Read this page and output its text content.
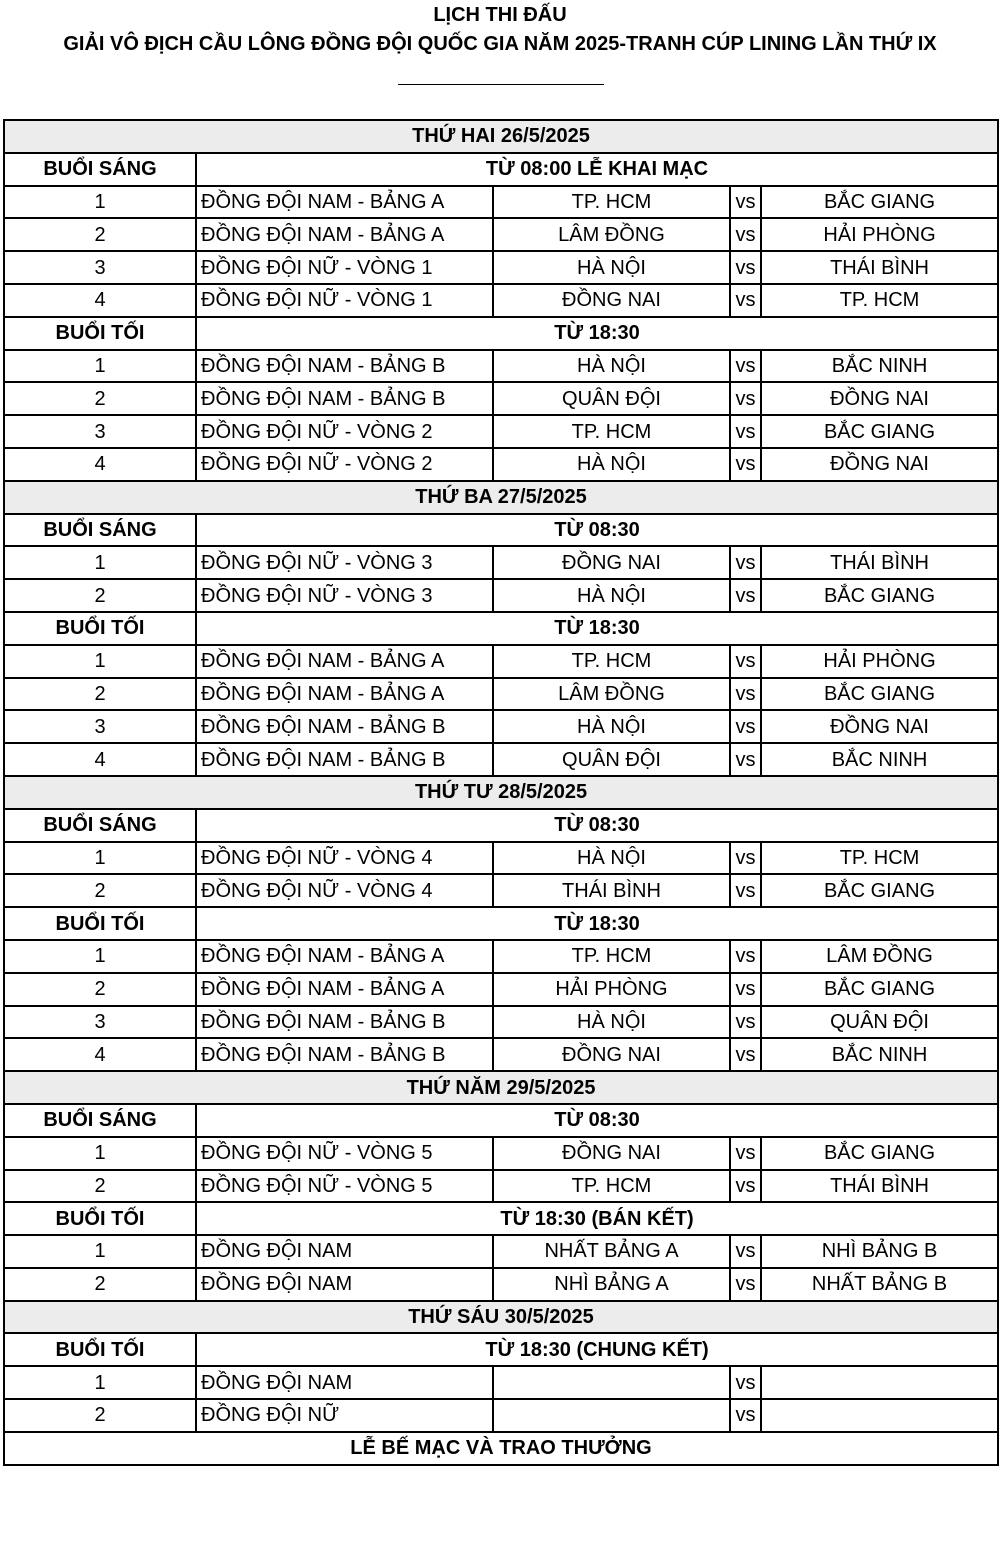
LỊCH THI ĐẤU
GIẢI VÔ ĐỊCH CẦU LÔNG ĐỒNG ĐỘI QUỐC GIA NĂM 2025-TRANH CÚP LINING LẦN THỨ IX
THỨ HAI 26/5/2025				
BUỔI SÁNG	TỪ 08:00 LỄ KHAI MẠC			
1	ĐỒNG ĐỘI NAM - BẢNG A	TP. HCM	vs	BẮC GIANG
2	ĐỒNG ĐỘI NAM - BẢNG A	LÂM ĐỒNG	vs	HẢI PHÒNG
3	ĐỒNG ĐỘI NỮ - VÒNG 1	HÀ NỘI	vs	THÁI BÌNH
4	ĐỒNG ĐỘI NỮ - VÒNG 1	ĐỒNG NAI	vs	TP. HCM
BUỔI TỐI	TỪ 18:30			
1	ĐỒNG ĐỘI NAM - BẢNG B	HÀ NỘI	vs	BẮC NINH
2	ĐỒNG ĐỘI NAM - BẢNG B	QUÂN ĐỘI	vs	ĐỒNG NAI
3	ĐỒNG ĐỘI NỮ - VÒNG 2	TP. HCM	vs	BẮC GIANG
4	ĐỒNG ĐỘI NỮ - VÒNG 2	HÀ NỘI	vs	ĐỒNG NAI
THỨ BA 27/5/2025				
BUỔI SÁNG	TỪ 08:30			
1	ĐỒNG ĐỘI NỮ - VÒNG 3	ĐỒNG NAI	vs	THÁI BÌNH
2	ĐỒNG ĐỘI NỮ - VÒNG 3	HÀ NỘI	vs	BẮC GIANG
BUỔI TỐI	TỪ 18:30			
1	ĐỒNG ĐỘI NAM - BẢNG A	TP. HCM	vs	HẢI PHÒNG
2	ĐỒNG ĐỘI NAM - BẢNG A	LÂM ĐỒNG	vs	BẮC GIANG
3	ĐỒNG ĐỘI NAM - BẢNG B	HÀ NỘI	vs	ĐỒNG NAI
4	ĐỒNG ĐỘI NAM - BẢNG B	QUÂN ĐỘI	vs	BẮC NINH
THỨ TƯ 28/5/2025				
BUỔI SÁNG	TỪ 08:30			
1	ĐỒNG ĐỘI NỮ - VÒNG 4	HÀ NỘI	vs	TP. HCM
2	ĐỒNG ĐỘI NỮ - VÒNG 4	THÁI BÌNH	vs	BẮC GIANG
BUỔI TỐI	TỪ 18:30			
1	ĐỒNG ĐỘI NAM - BẢNG A	TP. HCM	vs	LÂM ĐỒNG
2	ĐỒNG ĐỘI NAM - BẢNG A	HẢI PHÒNG	vs	BẮC GIANG
3	ĐỒNG ĐỘI NAM - BẢNG B	HÀ NỘI	vs	QUÂN ĐỘI
4	ĐỒNG ĐỘI NAM - BẢNG B	ĐỒNG NAI	vs	BẮC NINH
THỨ NĂM 29/5/2025				
BUỔI SÁNG	TỪ 08:30			
1	ĐỒNG ĐỘI NỮ - VÒNG 5	ĐỒNG NAI	vs	BẮC GIANG
2	ĐỒNG ĐỘI NỮ - VÒNG 5	TP. HCM	vs	THÁI BÌNH
BUỔI TỐI	TỪ 18:30 (BÁN KẾT)			
1	ĐỒNG ĐỘI NAM	NHẤT BẢNG A	vs	NHÌ BẢNG B
2	ĐỒNG ĐỘI NAM	NHÌ BẢNG A	vs	NHẤT BẢNG B
THỨ SÁU 30/5/2025				
BUỔI TỐI	TỪ 18:30 (CHUNG KẾT)			
1	ĐỒNG ĐỘI NAM		vs	
2	ĐỒNG ĐỘI NỮ		vs	
LỄ BẾ MẠC VÀ TRAO THƯỞNG				
